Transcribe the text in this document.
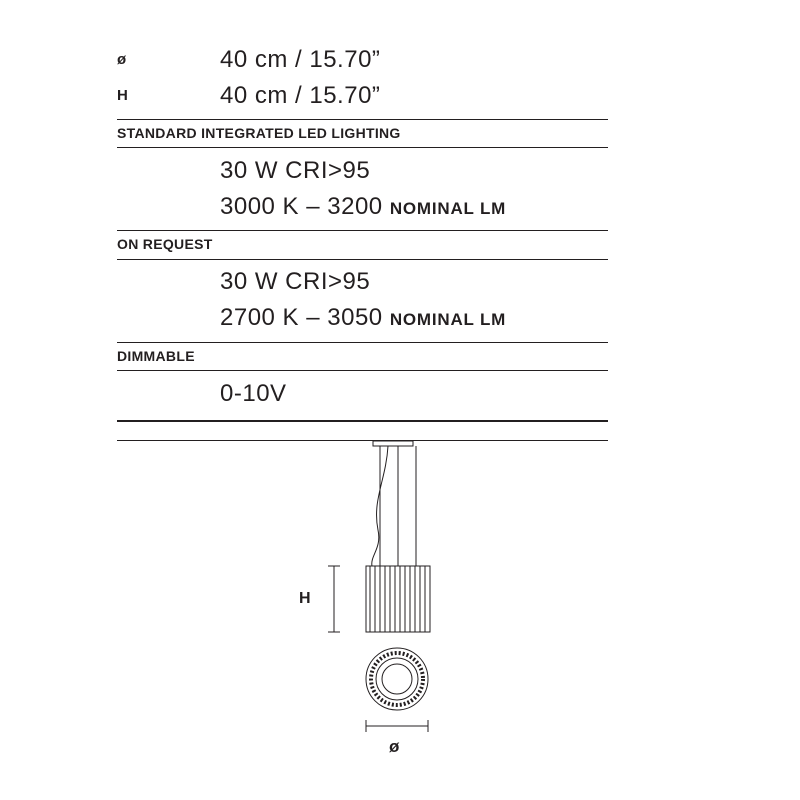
ø	40 cm / 15.70”
H	40 cm / 15.70”
STANDARD INTEGRATED LED LIGHTING
30 W CRI>95
3000 K – 3200 NOMINAL LM
ON REQUEST
30 W CRI>95
2700 K – 3050 NOMINAL LM
DIMMABLE
0-10V
H
ø
